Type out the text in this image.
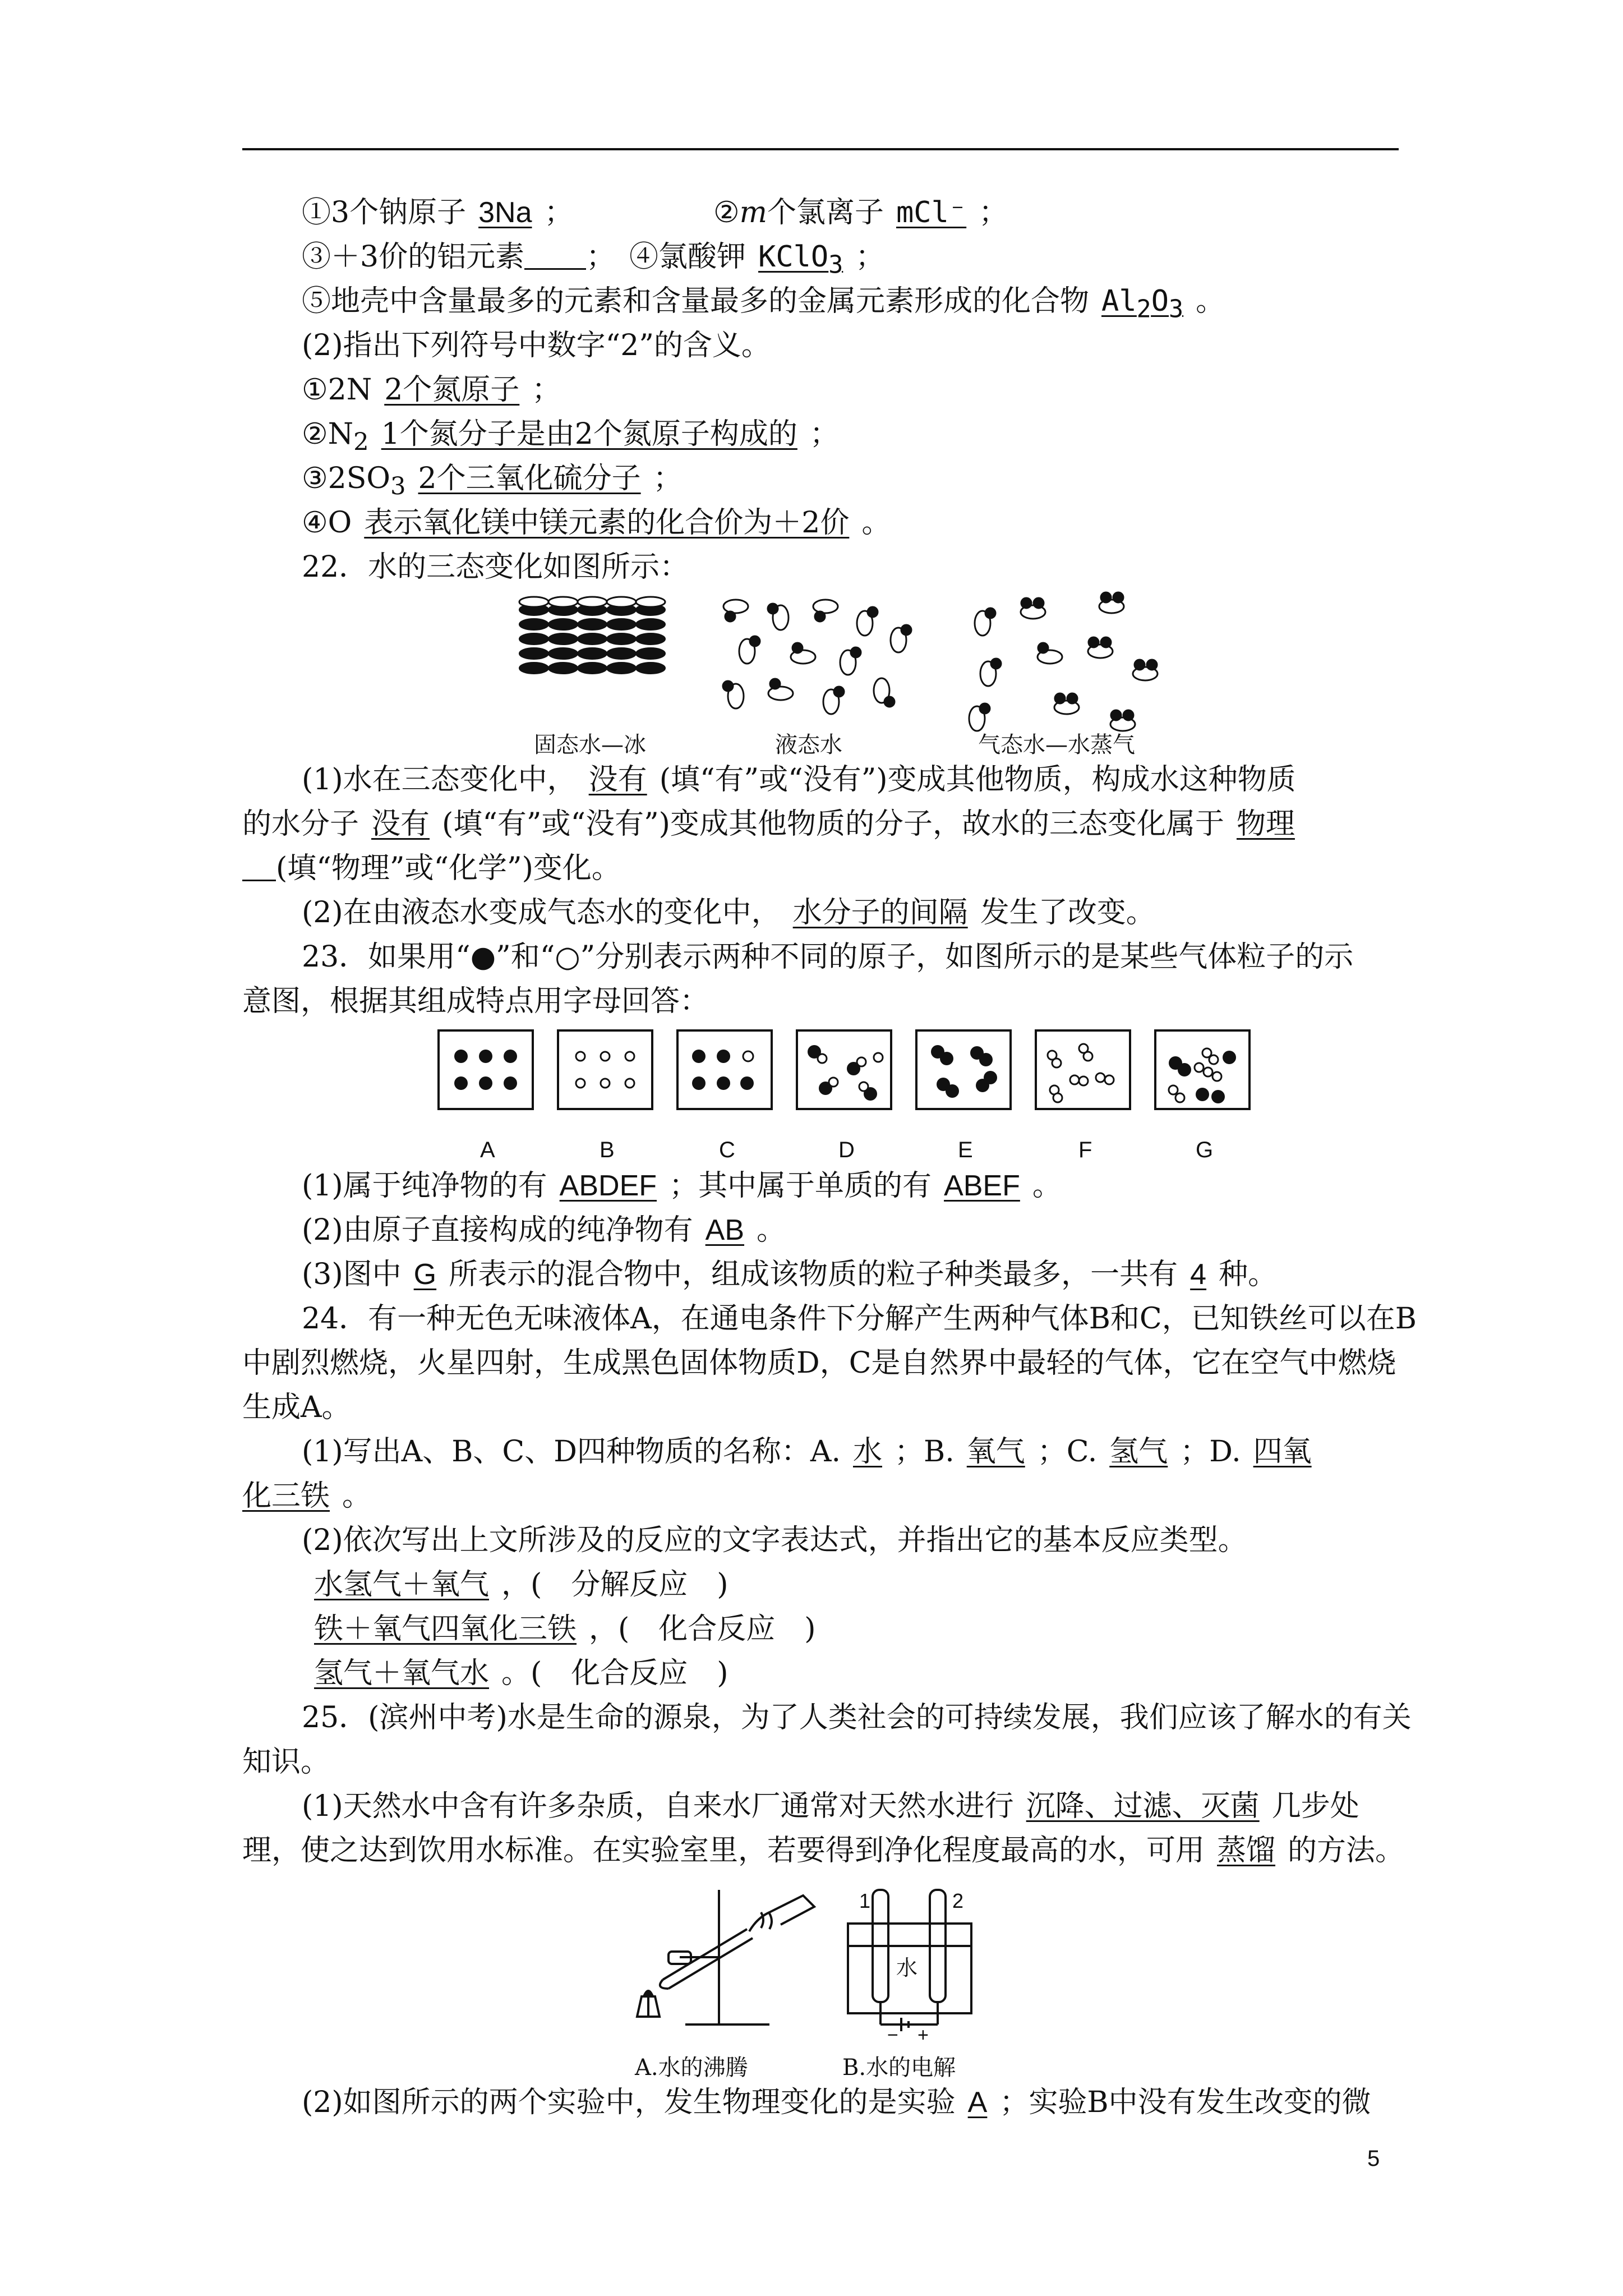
①3个钠原子 3Na ；	②m个氯离子 mCl⁻ ；
③＋3价的铝元素 ； ④氯酸钾 KClO$_3$ ；
⑤地壳中含量最多的元素和含量最多的金属元素形成的化合物 $Al_2O_3$ 。
(2)指出下列符号中数字“2”的含义。
①2N 2个氮原子 ；
$②N_2$ 1个氮分子是由2个氮原子构成的 ；
$③2SO_3$ 2个三氧化硫分子 ；
④O 表示氧化镁中镁元素的化合价为＋2价 。
22．水的三态变化如图所示：
固态水—冰	液态水	气态水—水蒸气
(1)水在三态变化中， 没有 (填“有”或“没有”)变成其他物质，构成水这种物质
的水分子 没有 (填“有”或“没有”)变成其他物质的分子，故水的三态变化属于 物理
(填“物理”或“化学”)变化。
(2)在由液态水变成气态水的变化中， 水分子的间隔 发生了改变。
23．如果用“●”和“○”分别表示两种不同的原子，如图所示的是某些气体粒子的示
意图，根据其组成特点用字母回答：
A	B	C	D	E	F	G
(1)属于纯净物的有 ABDEF ；其中属于单质的有 ABEF 。
(2)由原子直接构成的纯净物有 AB 。
(3)图中 G 所表示的混合物中，组成该物质的粒子种类最多，一共有 4 种。
24．有一种无色无味液体A，在通电条件下分解产生两种气体B和C，已知铁丝可以在B
中剧烈燃烧，火星四射，生成黑色固体物质D，C是自然界中最轻的气体，它在空气中燃烧
生成A。
(1)写出A、B、C、D四种物质的名称：A. 水 ；B. 氧气 ；C. 氢气 ；D. 四氧
化三铁 。
(2)依次写出上文所涉及的反应的文字表达式，并指出它的基本反应类型。
水氢气＋氧气 ，(　分解反应　)
铁＋氧气四氧化三铁 ，(　化合反应　)
氢气＋氧气水 。(　化合反应　)
25．(滨州中考)水是生命的源泉，为了人类社会的可持续发展，我们应该了解水的有关
知识。
(1)天然水中含有许多杂质，自来水厂通常对天然水进行 沉降、过滤、灭菌 几步处
理，使之达到饮用水标准。在实验室里，若要得到净化程度最高的水，可用 蒸馏 的方法。
水
1	2
− +
A.水的沸腾	B.水的电解
(2)如图所示的两个实验中，发生物理变化的是实验 A ；实验B中没有发生改变的微
5
